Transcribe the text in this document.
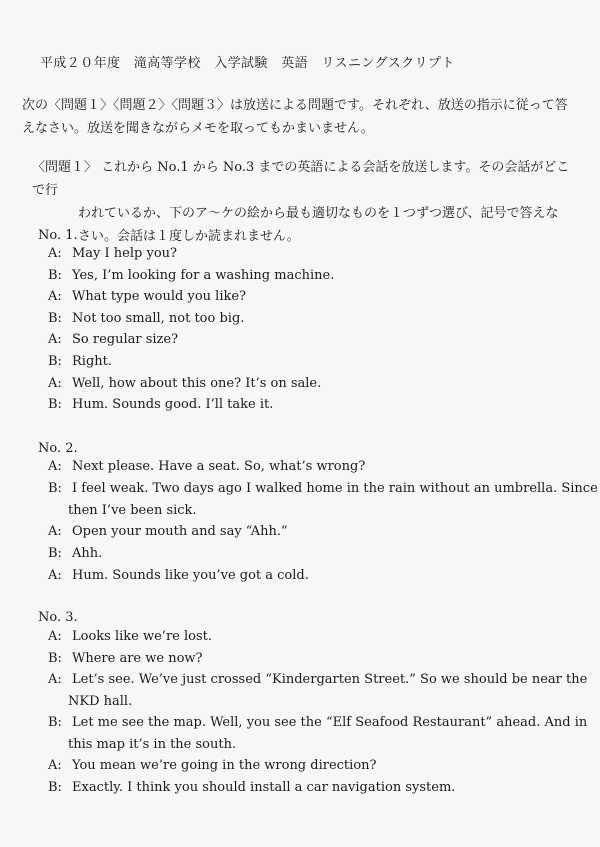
平成２０年度　滝高等学校　入学試験　英語　リスニングスクリプト
次の〈問題１〉〈問題２〉〈問題３〉は放送による問題です。それぞれ、放送の指示に従って答えなさい。放送を聞きながらメモを取ってもかまいません。
〈問題１〉 これから No.1 から No.3 までの英語による会話を放送します。その会話がどこで行
われているか、下のア〜ケの絵から最も適切なものを１つずつ選び、記号で答えなさい。会話は１度しか読まれません。
No. 1.
A: May I help you?
B: Yes, I’m looking for a washing machine.
A: What type would you like?
B: Not too small, not too big.
A: So regular size?
B: Right.
A: Well, how about this one? It’s on sale.
B: Hum. Sounds good. I’ll take it.
No. 2.
A: Next please. Have a seat. So, what’s wrong?
B: I feel weak. Two days ago I walked home in the rain without an umbrella. Since
then I’ve been sick.
A: Open your mouth and say “Ahh.”
B: Ahh.
A: Hum. Sounds like you’ve got a cold.
No. 3.
A: Looks like we’re lost.
B: Where are we now?
A: Let’s see. We’ve just crossed “Kindergarten Street.” So we should be near the
NKD hall.
B: Let me see the map. Well, you see the “Elf Seafood Restaurant” ahead. And in
this map it’s in the south.
A: You mean we’re going in the wrong direction?
B: Exactly. I think you should install a car navigation system.
